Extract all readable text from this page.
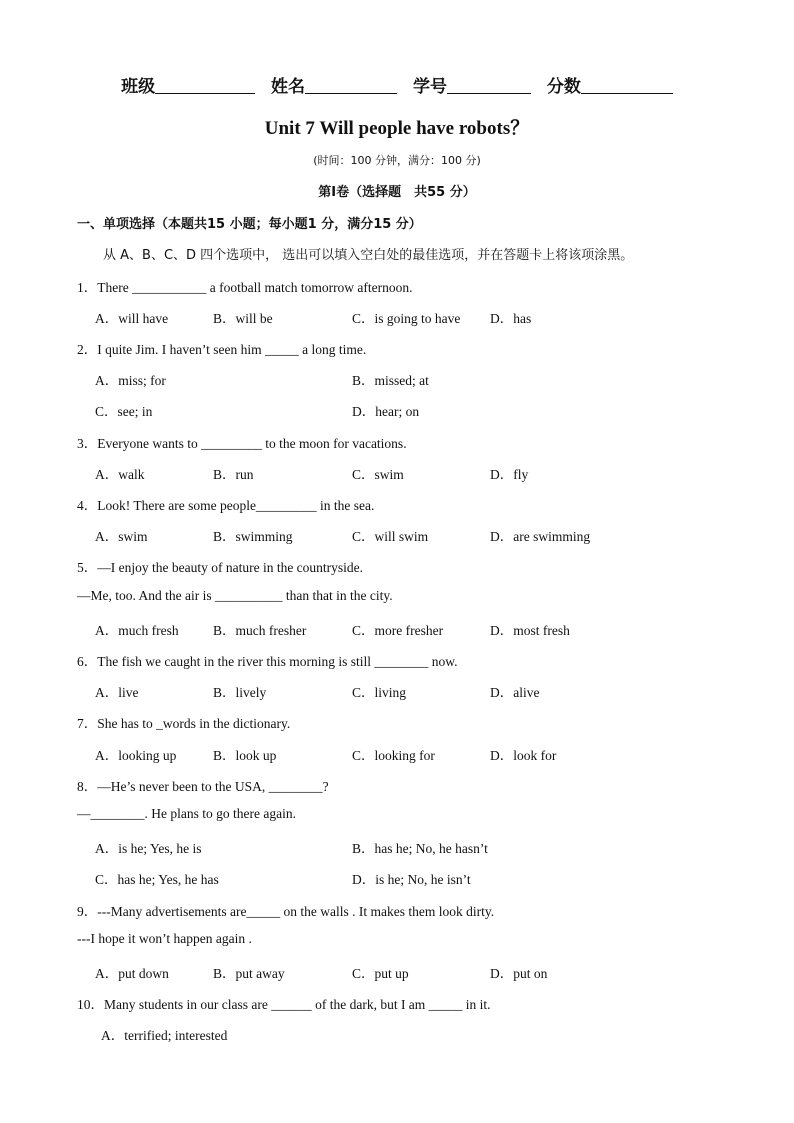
班级	姓名	学号	分数
Unit 7 Will people have robots？
(时间：100 分钟，满分：100 分)
第Ⅰ卷（选择题　共55 分）
一、单项选择（本题共15 小题；每小题1 分，满分15 分）
从 A、B、C、D 四个选项中， 选出可以填入空白处的最佳选项，并在答题卡上将该项涂黑。
1．There ___________ a football match tomorrow afternoon.
A．will have	B．will be	C．is going to have D．has
2．I quite Jim. I haven’t seen him _____ a long time.
A．miss; for	B．missed; at
C．see; in	D．hear; on
3．Everyone wants to _________ to the moon for vacations.
A．walk	B．run	C．swim	D．fly
4．Look! There are some people_________ in the sea.
A．swim	B．swimming	C．will swim	D．are swimming
5．—I enjoy the beauty of nature in the countryside.
—Me, too. And the air is __________ than that in the city.
A．much fresh	B．much fresher	C．more fresher	D．most fresh
6．The fish we caught in the river this morning is still ________ now.
A．live	B．lively	C．living	D．alive
7．She has to _words in the dictionary.
A．looking up	B．look up	C．looking for	D．look for
8．—He’s never been to the USA, ________?
—________. He plans to go there again.
A．is he; Yes, he is	B．has he; No, he hasn’t
C．has he; Yes, he has	D．is he; No, he isn’t
9．---Many advertisements are_____ on the walls . It makes them look dirty.
---I hope it won’t happen again .
A．put down	B．put away	C．put up	D．put on
10．Many students in our class are ______ of the dark, but I am _____ in it.
A．terrified; interested
